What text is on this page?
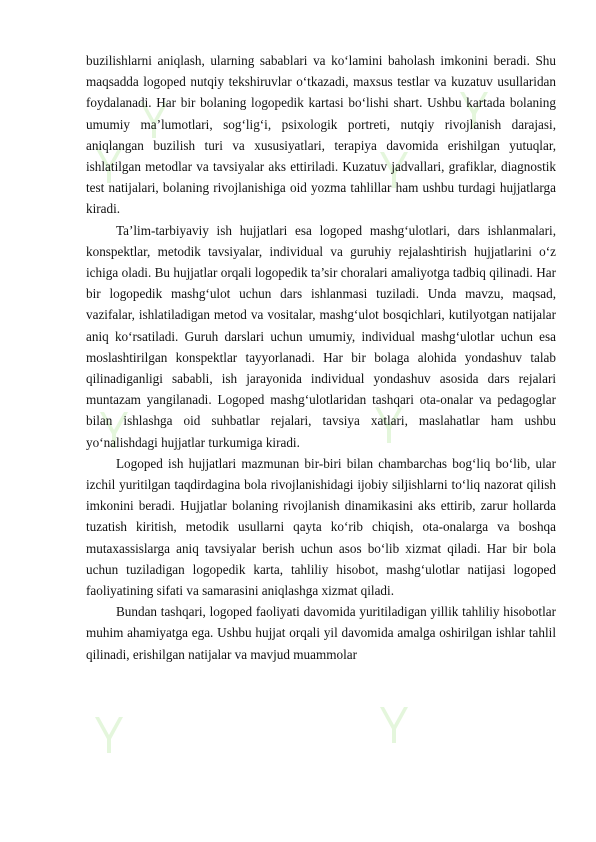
buzilishlarni aniqlash, ularning sabablari va ko‘lamini baholash imkonini beradi. Shu maqsadda logoped nutqiy tekshiruvlar o‘tkazadi, maxsus testlar va kuzatuv usullaridan foydalanadi. Har bir bolaning logopedik kartasi bo‘lishi shart. Ushbu kartada bolaning umumiy ma’lumotlari, sog‘lig‘i, psixologik portreti, nutqiy rivojlanish darajasi, aniqlangan buzilish turi va xususiyatlari, terapiya davomida erishilgan yutuqlar, ishlatilgan metodlar va tavsiyalar aks ettiriladi. Kuzatuv jadvallari, grafiklar, diagnostik test natijalari, bolaning rivojlanishiga oid yozma tahlillar ham ushbu turdagi hujjatlarga kiradi.

Ta’lim-tarbiyaviy ish hujjatlari esa logoped mashg‘ulotlari, dars ishlanmalari, konspektlar, metodik tavsiyalar, individual va guruhiy rejalashtirish hujjatlarini o‘z ichiga oladi. Bu hujjatlar orqali logopedik ta’sir choralari amaliyotga tadbiq qilinadi. Har bir logopedik mashg‘ulot uchun dars ishlanmasi tuziladi. Unda mavzu, maqsad, vazifalar, ishlatiladigan metod va vositalar, mashg‘ulot bosqichlari, kutilyotgan natijalar aniq ko‘rsatiladi. Guruh darslari uchun umumiy, individual mashg‘ulotlar uchun esa moslashtirilgan konspektlar tayyorlanadi. Har bir bolaga alohida yondashuv talab qilinadiganligi sababli, ish jarayonida individual yondashuv asosida dars rejalari muntazam yangilanadi. Logoped mashg‘ulotlaridan tashqari ota-onalar va pedagoglar bilan ishlashga oid suhbatlar rejalari, tavsiya xatlari, maslahatlar ham ushbu yo‘nalishdagi hujjatlar turkumiga kiradi.

Logoped ish hujjatlari mazmunan bir-biri bilan chambarchas bog‘liq bo‘lib, ular izchil yuritilgan taqdirdagina bola rivojlanishidagi ijobiy siljishlarni to‘liq nazorat qilish imkonini beradi. Hujjatlar bolaning rivojlanish dinamikasini aks ettirib, zarur hollarda tuzatish kiritish, metodik usullarni qayta ko‘rib chiqish, ota-onalarga va boshqa mutaxassislarga aniq tavsiyalar berish uchun asos bo‘lib xizmat qiladi. Har bir bola uchun tuziladigan logopedik karta, tahliliy hisobot, mashg‘ulotlar natijasi logoped faoliyatining sifati va samarasini aniqlashga xizmat qiladi.

Bundan tashqari, logoped faoliyati davomida yuritiladigan yillik tahliliy hisobotlar muhim ahamiyatga ega. Ushbu hujjat orqali yil davomida amalga oshirilgan ishlar tahlil qilinadi, erishilgan natijalar va mavjud muammolar
